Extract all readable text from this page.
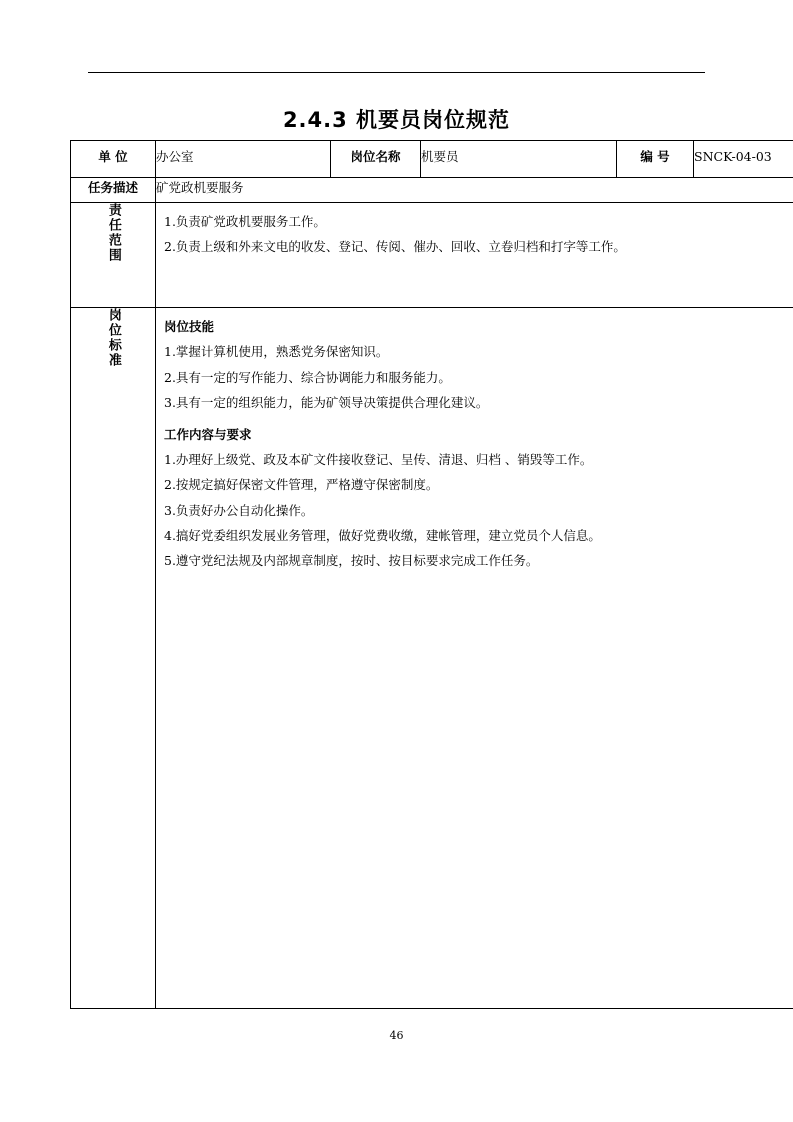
2.4.3 机要员岗位规范
单 位	办公室	岗位名称	机要员	编 号	SNCK-04-03
任务描述	矿党政机要服务				
责任范围	1.负责矿党政机要服务工作。

2.负责上级和外来文电的收发、登记、传阅、催办、回收、立卷归档和打字等工作。				

岗位标准	岗位技能

1.掌握计算机使用，熟悉党务保密知识。

2.具有一定的写作能力、综合协调能力和服务能力。

3.具有一定的组织能力，能为矿领导决策提供合理化建议。

工作内容与要求

1.办理好上级党、政及本矿文件接收登记、呈传、清退、归档 、销毁等工作。

2.按规定搞好保密文件管理，严格遵守保密制度。

3.负责好办公自动化操作。

4.搞好党委组织发展业务管理，做好党费收缴，建帐管理，建立党员个人信息。

5.遵守党纪法规及内部规章制度，按时、按目标要求完成工作任务。

46
